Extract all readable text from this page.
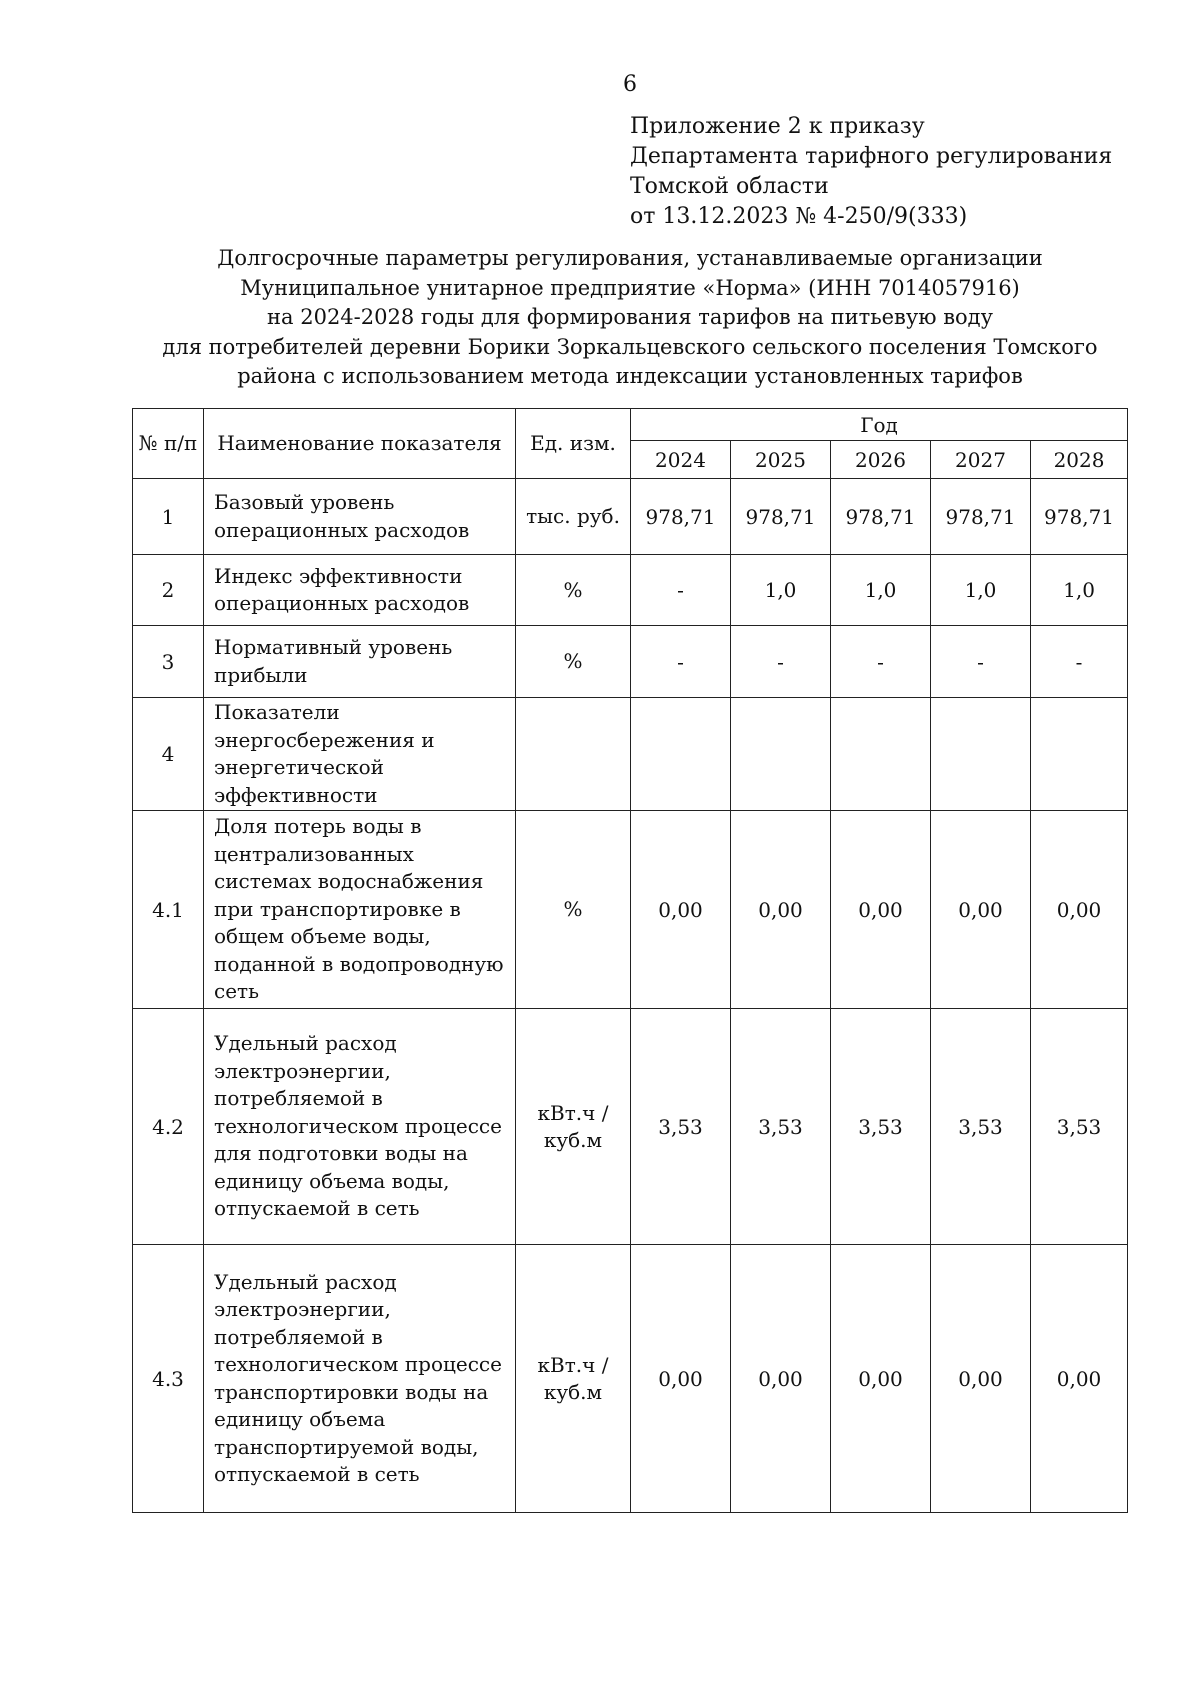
6
Приложение 2 к приказу
Департамента тарифного регулирования
Томской области
от 13.12.2023 № 4-250/9(333)
Долгосрочные параметры регулирования, устанавливаемые организации
Муниципальное унитарное предприятие «Норма» (ИНН 7014057916)
на 2024-2028 годы для формирования тарифов на питьевую воду
для потребителей деревни Борики Зоркальцевского сельского поселения Томского
района с использованием метода индексации установленных тарифов
№ п/п	Наименование показателя	Ед. изм.	Год				
			2024	2025	2026	2027	2028
1	Базовый уровень операционных расходов	тыс. руб.	978,71	978,71	978,71	978,71	978,71
2	Индекс эффективности операционных расходов	%	-	1,0	1,0	1,0	1,0
3	Нормативный уровень прибыли	%	-	-	-	-	-
4	Показатели энергосбережения и энергетической эффективности						
4.1	Доля потерь воды в централизованных системах водоснабжения при транспортировке в общем объеме воды, поданной в водопроводную сеть	%	0,00	0,00	0,00	0,00	0,00
4.2	Удельный расход электроэнергии, потребляемой в технологическом процессе для подготовки воды на единицу объема воды, отпускаемой в сеть	кВт.ч / куб.м	3,53	3,53	3,53	3,53	3,53
4.3	Удельный расход электроэнергии, потребляемой в технологическом процессе транспортировки воды на единицу объема транспортируемой воды, отпускаемой в сеть	кВт.ч / куб.м	0,00	0,00	0,00	0,00	0,00
